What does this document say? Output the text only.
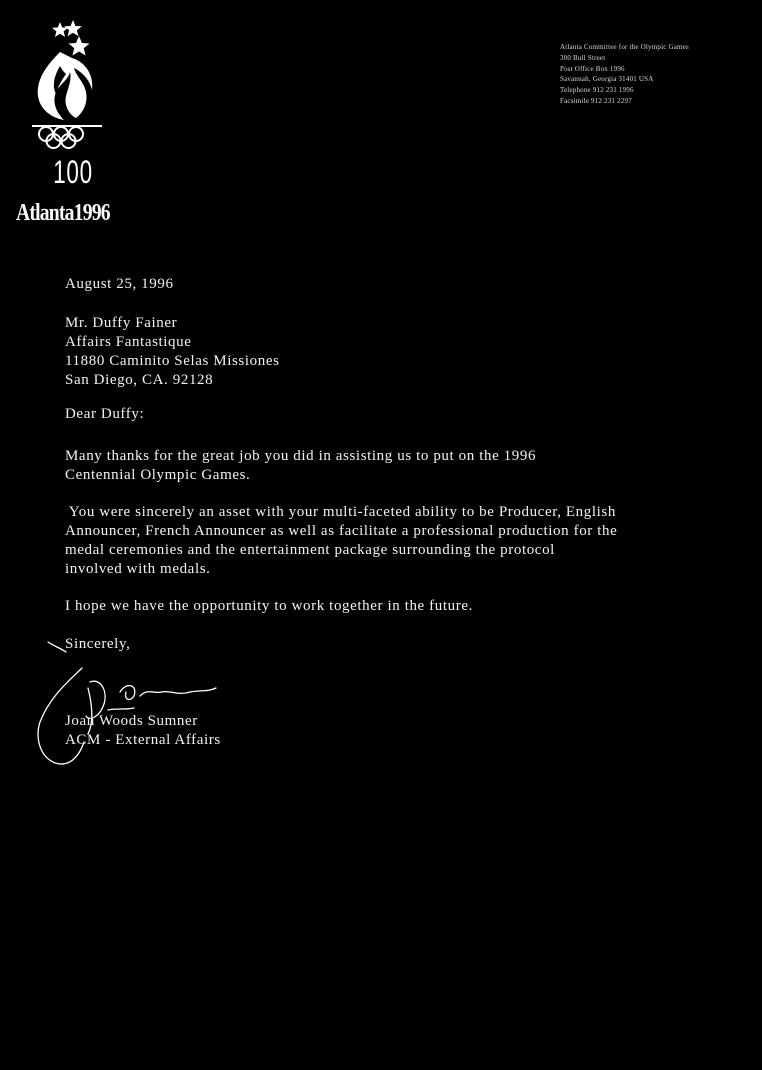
100
Atlanta1996
Atlanta Committee for the Olympic Games
300 Bull Street
Post Office Box 1996
Savannah, Georgia 31401 USA
Telephone 912 231 1996
Facsimile 912 231 2297
August 25, 1996
Mr. Duffy Fainer
Affairs Fantastique
11880 Caminito Selas Missiones
San Diego, CA. 92128
Dear Duffy:
Many thanks for the great job you did in assisting us to put on the 1996
Centennial Olympic Games.
You were sincerely an asset with your multi-faceted ability to be Producer, English
Announcer, French Announcer as well as facilitate a professional production for the
medal ceremonies and the entertainment package surrounding the protocol
involved with medals.
I hope we have the opportunity to work together in the future.
Sincerely,
Joan Woods Sumner
ACM - External Affairs
